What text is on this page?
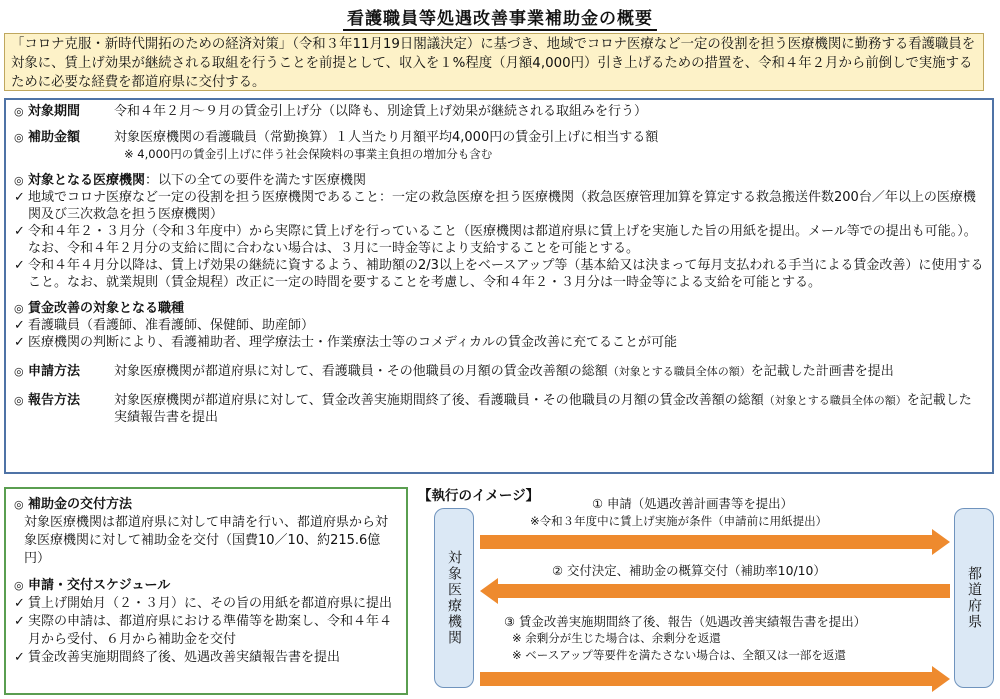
看護職員等処遇改善事業補助金の概要
「コロナ克服・新時代開拓のための経済対策」（令和３年11月19日閣議決定）に基づき、地域でコロナ医療など一定の役割を担う医療機関に勤務する看護職員を対象に、賃上げ効果が継続される取組を行うことを前提として、収入を１%程度（月額4,000円）引き上げるための措置を、令和４年２月から前倒しで実施するために必要な経費を都道府県に交付する。
◎ 対象期間	令和４年２月～９月の賃金引上げ分（以降も、別途賃上げ効果が継続される取組みを行う）
◎ 補助金額	対象医療機関の看護職員（常勤換算）１人当たり月額平均4,000円の賃金引上げに相当する額
※ 4,000円の賃金引上げに伴う社会保険料の事業主負担の増加分も含む
◎ 対象となる医療機関 ：以下の全ての要件を満たす医療機関
✓ 地域でコロナ医療など一定の役割を担う医療機関であること：一定の救急医療を担う医療機関（救急医療管理加算を算定する救急搬送件数200台／年以上の医療機関及び三次救急を担う医療機関）
✓ 令和４年２・３月分（令和３年度中）から実際に賃上げを行っていること（医療機関は都道府県に賃上げを実施した旨の用紙を提出。メール等での提出も可能。）。なお、令和４年２月分の支給に間に合わない場合は、３月に一時金等により支給することを可能とする。
✓ 令和４年４月分以降は、賃上げ効果の継続に資するよう、補助額の2/3以上をベースアップ等（基本給又は決まって毎月支払われる手当による賃金改善）に使用すること。なお、就業規則（賃金規程）改正に一定の時間を要することを考慮し、令和４年２・３月分は一時金等による支給を可能とする。
◎ 賃金改善の対象となる職種
✓ 看護職員（看護師、准看護師、保健師、助産師）
✓ 医療機関の判断により、看護補助者、理学療法士・作業療法士等のコメディカルの賃金改善に充てることが可能
◎ 申請方法	対象医療機関が都道府県に対して、看護職員・その他職員の月額の賃金改善額の総額（対象とする職員全体の額）を記載した計画書を提出
◎ 報告方法	対象医療機関が都道府県に対して、賃金改善実施期間終了後、看護職員・その他職員の月額の賃金改善額の総額（対象とする職員全体の額）を記載した実績報告書を提出
◎ 補助金の交付方法
対象医療機関は都道府県に対して申請を行い、都道府県から対象医療機関に対して補助金を交付（国費10／10、約215.6億円）
◎ 申請・交付スケジュール
✓ 賃上げ開始月（２・３月）に、その旨の用紙を都道府県に提出
✓ 実際の申請は、都道府県における準備等を勘案し、令和４年４月から受付、６月から補助金を交付
✓ 賃金改善実施期間終了後、処遇改善実績報告書を提出
【執行のイメージ】
対象医療機関	都道府県
① 申請（処遇改善計画書等を提出）
※令和３年度中に賃上げ実施が条件（申請前に用紙提出）
② 交付決定、補助金の概算交付（補助率10/10）
③ 賃金改善実施期間終了後、報告（処遇改善実績報告書を提出）
※ 余剰分が生じた場合は、余剰分を返還
※ ベースアップ等要件を満たさない場合は、全額又は一部を返還
